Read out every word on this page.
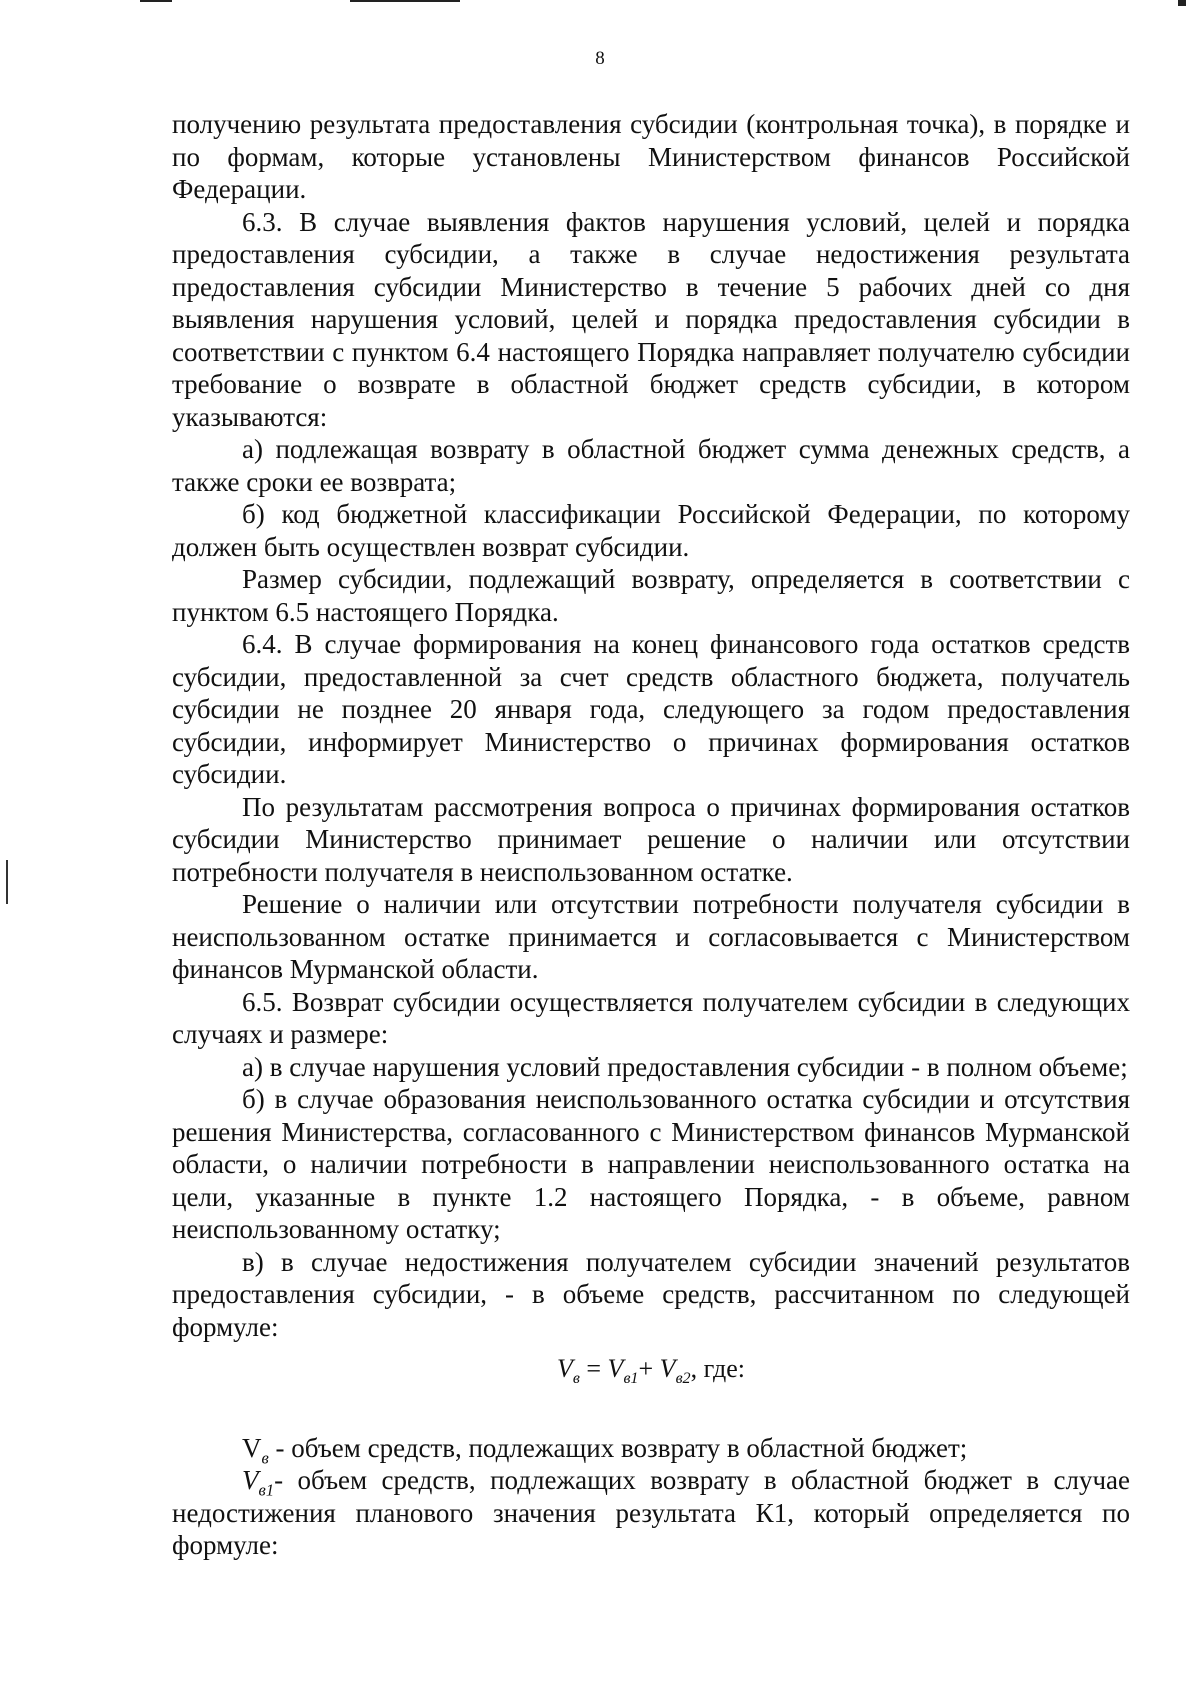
8

получению результата предоставления субсидии (контрольная точка), в порядке и по формам, которые установлены Министерством финансов Российской Федерации.

6.3. В случае выявления фактов нарушения условий, целей и порядка предоставления субсидии, а также в случае недостижения результата предоставления субсидии Министерство в течение 5 рабочих дней со дня выявления нарушения условий, целей и порядка предоставления субсидии в соответствии с пунктом 6.4 настоящего Порядка направляет получателю субсидии требование о возврате в областной бюджет средств субсидии, в котором указываются:

а) подлежащая возврату в областной бюджет сумма денежных средств, а также сроки ее возврата;

б) код бюджетной классификации Российской Федерации, по которому должен быть осуществлен возврат субсидии.

Размер субсидии, подлежащий возврату, определяется в соответствии с пунктом 6.5 настоящего Порядка.

6.4. В случае формирования на конец финансового года остатков средств субсидии, предоставленной за счет средств областного бюджета, получатель субсидии не позднее 20 января года, следующего за годом предоставления субсидии, информирует Министерство о причинах формирования остатков субсидии.

По результатам рассмотрения вопроса о причинах формирования остатков субсидии Министерство принимает решение о наличии или отсутствии потребности получателя в неиспользованном остатке.

Решение о наличии или отсутствии потребности получателя субсидии в неиспользованном остатке принимается и согласовывается с Министерством финансов Мурманской области.

6.5. Возврат субсидии осуществляется получателем субсидии в следующих случаях и размере:

а) в случае нарушения условий предоставления субсидии - в полном объеме;

б) в случае образования неиспользованного остатка субсидии и отсутствия решения Министерства, согласованного с Министерством финансов Мурманской области, о наличии потребности в направлении неиспользованного остатка на цели, указанные в пункте 1.2 настоящего Порядка, - в объеме, равном неиспользованному остатку;

в) в случае недостижения получателем субсидии значений результатов предоставления субсидии, - в объеме средств, рассчитанном по следующей формуле:

$V_в = V_{в1}+ V_{в2}$, где:

$V_в$ - объем средств, подлежащих возврату в областной бюджет;

$V_{в1}-$ объем средств, подлежащих возврату в областной бюджет в случае недостижения планового значения результата К1, который определяется по формуле:
